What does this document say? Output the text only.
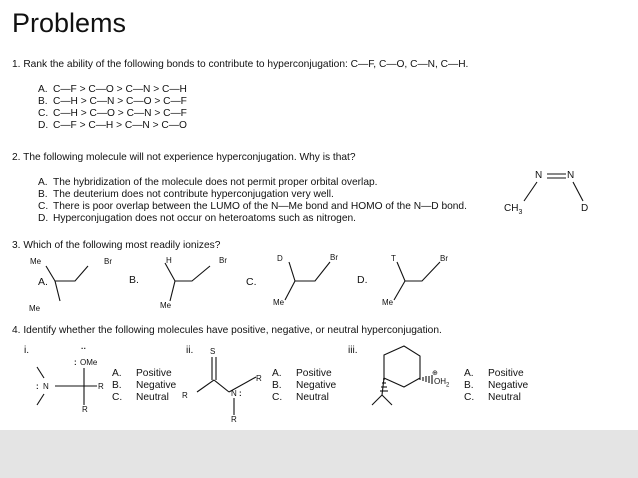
Problems
1. Rank the ability of the following bonds to contribute to hyperconjugation: C—F, C—O, C—N, C—H.
A. C—F > C—O > C—N > C—H
B. C—H > C—N > C—O > C—F
C. C—H > C—O > C—N > C—F
D. C—F > C—H > C—N > C—O
2. The following molecule will not experience hyperconjugation. Why is that?
A. The hybridization of the molecule does not permit proper orbital overlap.
B. The deuterium does not contribute hyperconjugation very well.
C. There is poor overlap between the LUMO of the N—Me bond and HOMO of the N—D bond.
D. Hyperconjugation does not occur on heteroatoms such as nitrogen.
N N
$CH_3$	D
3. Which of the following most readily ionizes?
Me	Br
Me
A.
H	Br
Me
B.
D	Br
Me
C.
T	Br
Me
D.
4. Identify whether the following molecules have positive, negative, or neutral hyperconjugation.
i.	ii.	iii.
··
: OMe
: N	R
R
S
R
R	N :
R
⊕
$OH_2$
A. Positive
B. Negative
C. Neutral
A. Positive
B. Negative
C. Neutral
A. Positive
B. Negative
C. Neutral
